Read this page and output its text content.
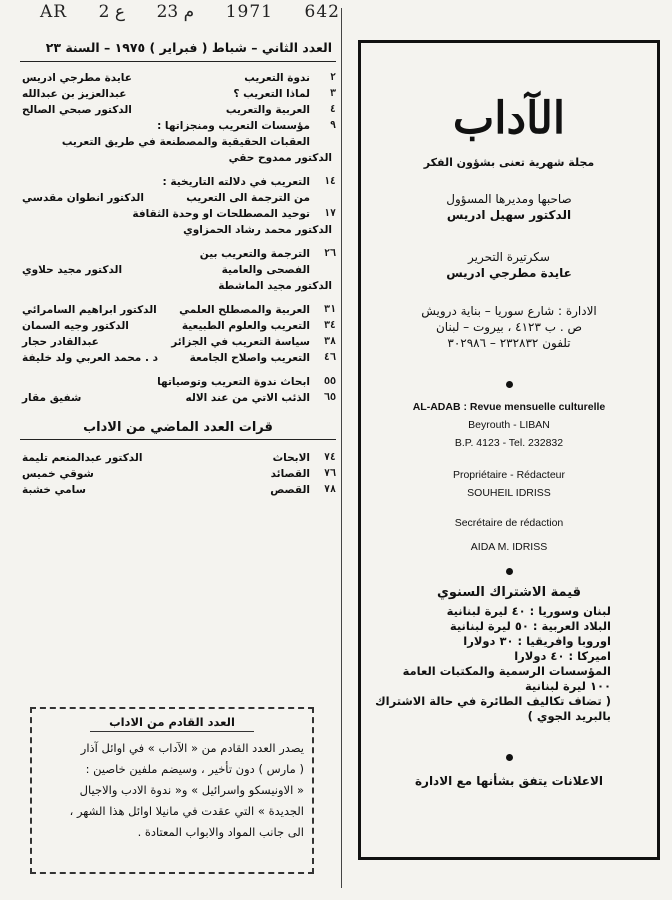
AR 2 ع 23 م 1971 642
العدد الثاني – شباط ( فبراير ) ١٩٧٥ – السنة ٢٣
٢
ندوة التعريب
عايدة مطرجي ادريس
٣
لماذا التعريب ؟
عبدالعزيز بن عبدالله
٤
العربية والتعريب
الدكتور صبحي الصالح
٩
مؤسسات التعريب ومنجزاتها :
العقبات الحقيقية والمصطنعة في طريق التعريب
الدكتور ممدوح حقي
١٤
التعريب في دلالته التاريخية :
من الترجمة الى التعريب
الدكتور انطوان مقدسي
١٧
توحيد المصطلحات او وحدة الثقافة
الدكتور محمد رشاد الحمزاوي
٢٦
الترجمة والتعريب بين
الفصحى والعامية
الدكتور مجيد حلاوي
الدكتور مجيد الماشطة
٣١
العربية والمصطلح العلمي
الدكتور ابراهيم السامرائي
٣٤
التعريب والعلوم الطبيعية
الدكتور وجيه السمان
٣٨
سياسة التعريب في الجزائر
عبدالقادر حجار
٤٦
التعريب واصلاح الجامعة
د . محمد العربي ولد خليفة
٥٥
ابحاث ندوة التعريب وتوصياتها
٦٥
الذئب الاتي من عند الاله
شفيق مقار
قرات العدد الماضي من الاداب
٧٤
الابحاث
الدكتور عبدالمنعم تليمة
٧٦
القصائد
شوقي خميس
٧٨
القصص
سامي خشبة
العدد القادم من الاداب

يصدر العدد القادم من « الآداب » في اوائل آذار

( مارس ) دون تأخير ، وسيضم ملفين خاصين :

« الاونيسكو واسرائيل » و« ندوة الادب والاجيال

الجديدة » التي عقدت في مانيلا اوائل هذا الشهر ،

الى جانب المواد والابواب المعتادة .

الآداب
مجلة شهرية تعنى بشؤون الفكر
صاحبها ومديرها المسؤول
الدكتور سهيل ادريس
سكرتيرة التحرير
عايدة مطرجي ادريس
الادارة : شارع سوريا – بناية درويش
ص . ب ٤١٢٣ ، بيروت – لبنان
تلفون ٢٣٢٨٣٢ – ٣٠٢٩٨٦
AL-ADAB : Revue mensuelle culturelle
Beyrouth - LIBAN
B.P. 4123 - Tel. 232832
Propriétaire - Rédacteur
SOUHEIL IDRISS
Secrétaire de rédaction
AIDA M. IDRISS
قيمة الاشتراك السنوي
لبنان وسوريا : ٤٠ ليرة لبنانية
البلاد العربية : ٥٠ ليرة لبنانية
اوروبا وافريقيا : ٣٠ دولارا
اميركا : ٤٠ دولارا
المؤسسات الرسمية والمكتبات العامة
١٠٠ ليرة لبنانية
( تضاف تكاليف الطائرة في حالة الاشتراك
بالبريد الجوي )
الاعلانات يتفق بشأنها مع الادارة
